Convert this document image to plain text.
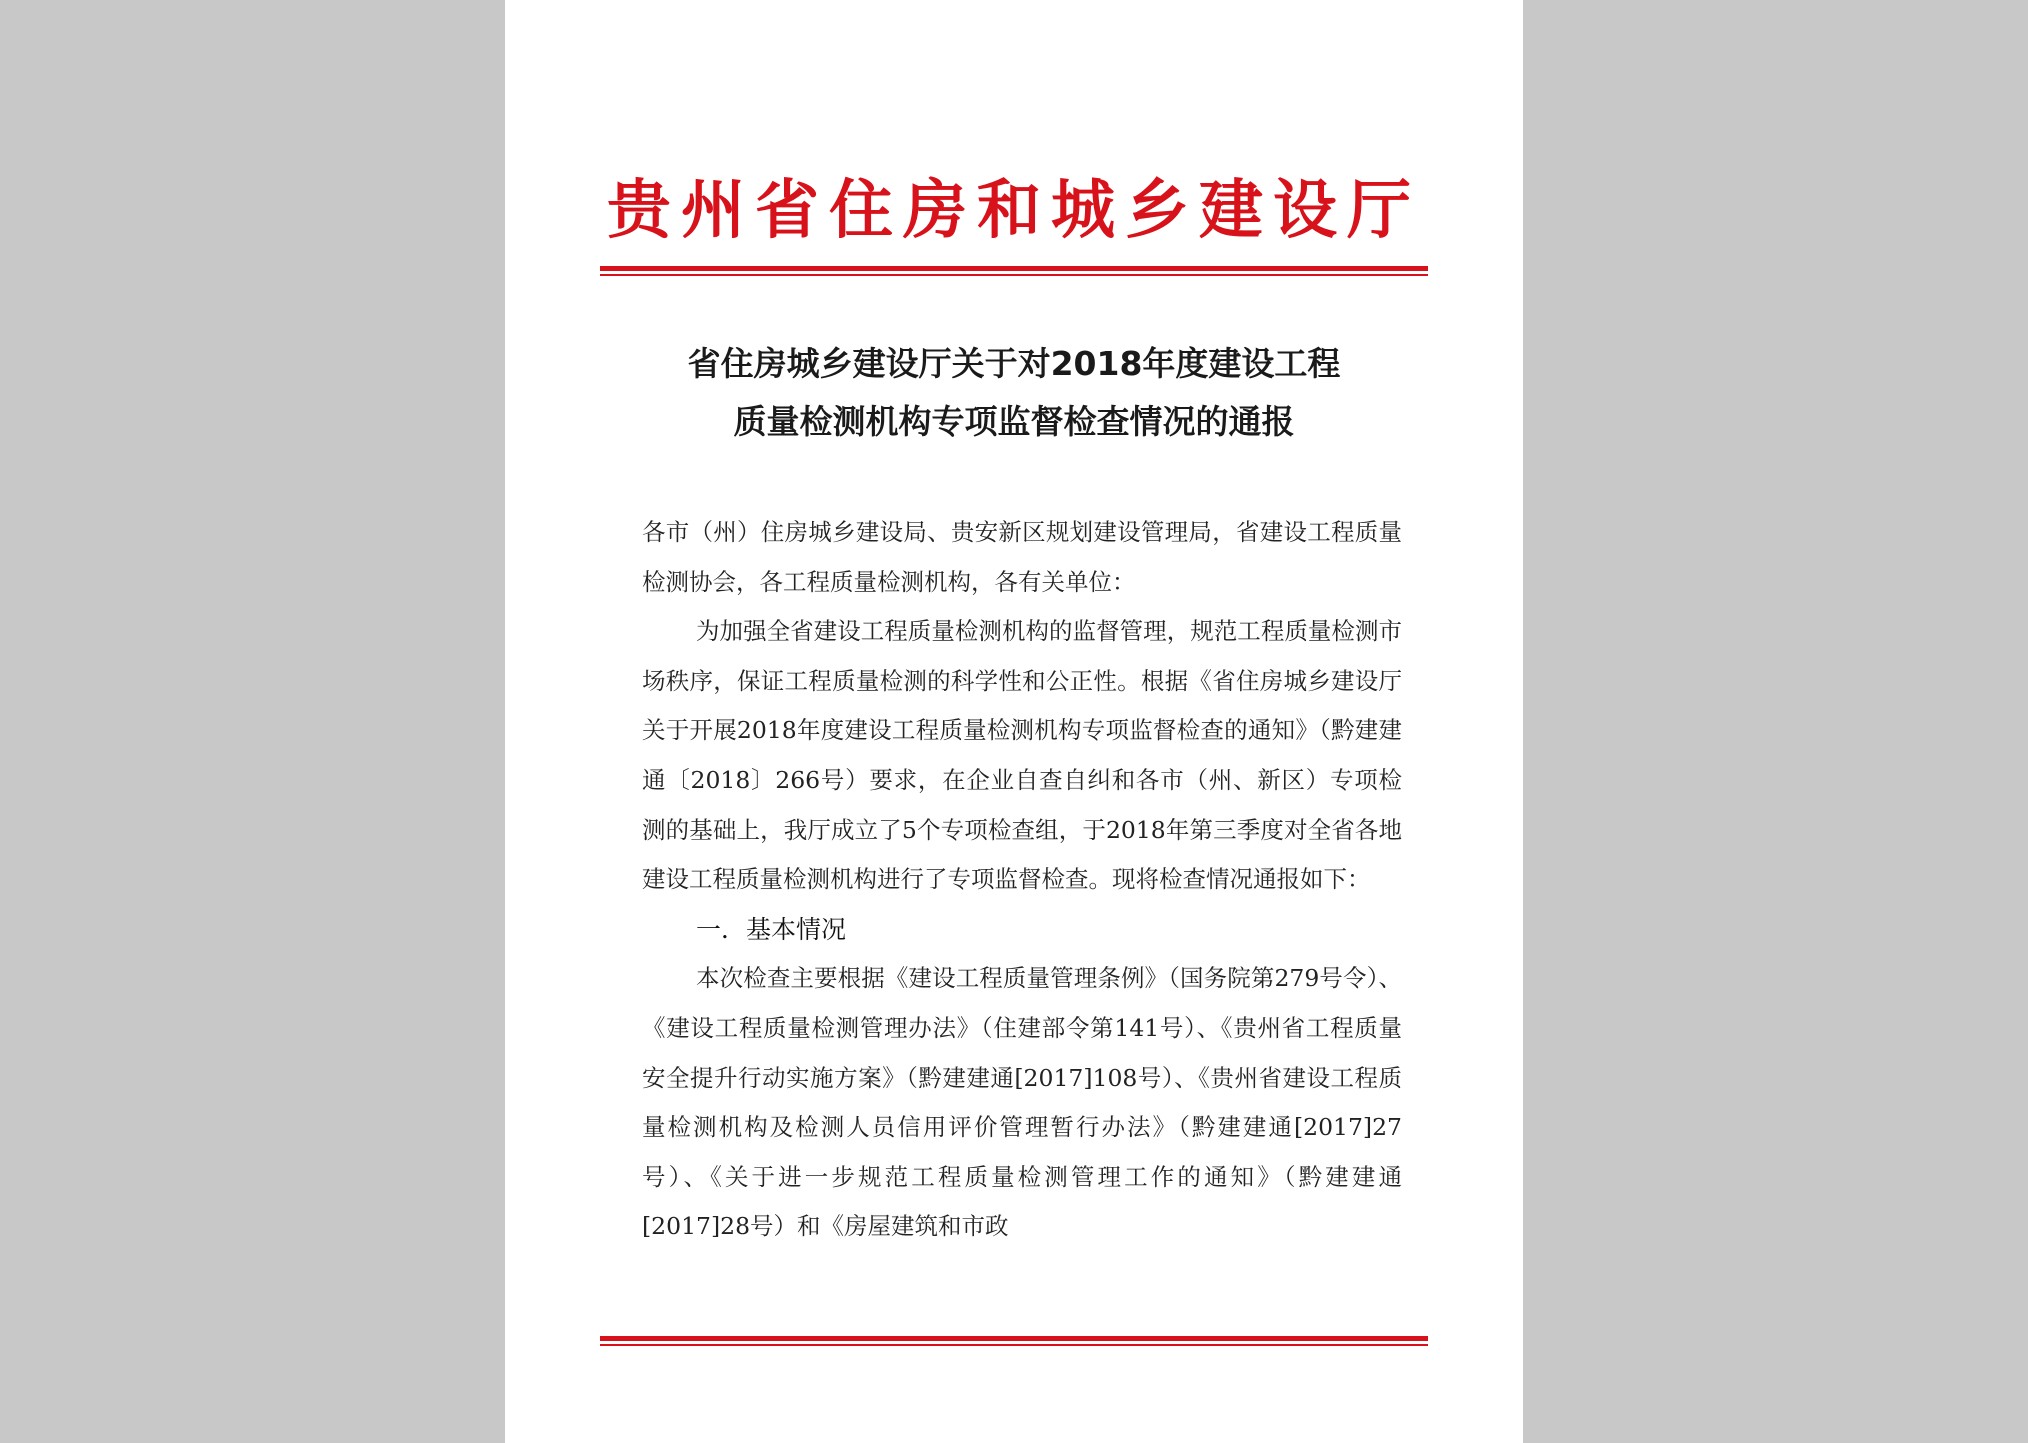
贵州省住房和城乡建设厅
省住房城乡建设厅关于对2018年度建设工程
质量检测机构专项监督检查情况的通报

各市（州）住房城乡建设局、贵安新区规划建设管理局，省建设工程质量检测协会，各工程质量检测机构，各有关单位：

为加强全省建设工程质量检测机构的监督管理，规范工程质量检测市场秩序，保证工程质量检测的科学性和公正性。根据《省住房城乡建设厅关于开展2018年度建设工程质量检测机构专项监督检查的通知》（黔建建通〔2018〕266号）要求，在企业自查自纠和各市（州、新区）专项检测的基础上，我厅成立了5个专项检查组，于2018年第三季度对全省各地建设工程质量检测机构进行了专项监督检查。现将检查情况通报如下：

一．基本情况

本次检查主要根据《建设工程质量管理条例》（国务院第279号令）、《建设工程质量检测管理办法》（住建部令第141号）、《贵州省工程质量安全提升行动实施方案》（黔建建通[2017]108号）、《贵州省建设工程质量检测机构及检测人员信用评价管理暂行办法》（黔建建通[2017]27号）、《关于进一步规范工程质量检测管理工作的通知》（黔建建通[2017]28号）和《房屋建筑和市政
